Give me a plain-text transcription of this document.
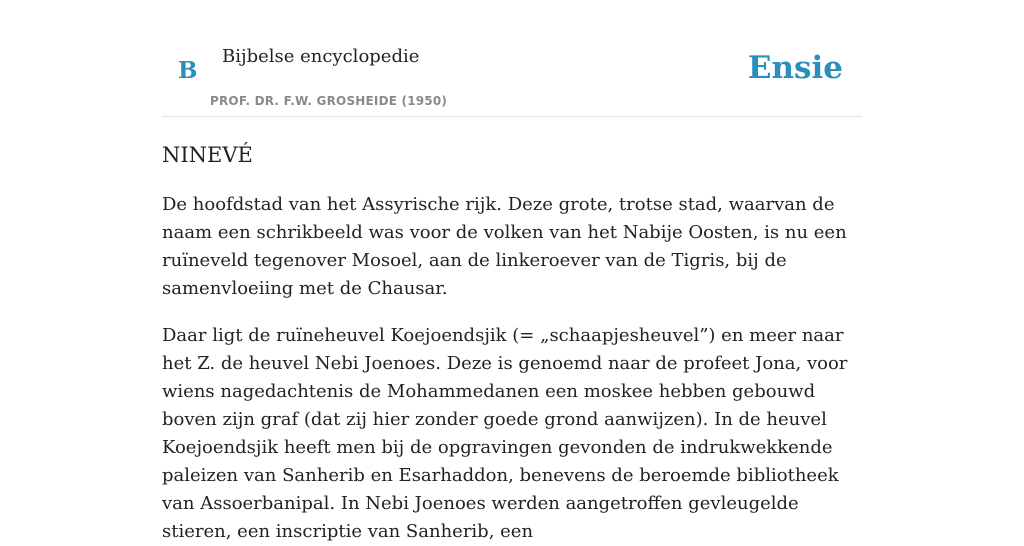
B
Bijbelse encyclopedie
PROF. DR. F.W. GROSHEIDE (1950)
Ensie
NINEVÉ

De hoofdstad van het Assyrische rijk. Deze grote, trotse stad, waarvan de naam een schrikbeeld was voor de volken van het Nabije Oosten, is nu een ruïneveld tegenover Mosoel, aan de linkeroever van de Tigris, bij de samenvloeiing met de Chausar.

Daar ligt de ruïneheuvel Koejoendsjik (= „schaapjesheuvel”) en meer naar het Z. de heuvel Nebi Joenoes. Deze is genoemd naar de profeet Jona, voor wiens nagedachtenis de Mohammedanen een moskee hebben gebouwd boven zijn graf (dat zij hier zonder goede grond aanwijzen). In de heuvel Koejoendsjik heeft men bij de opgravingen gevonden de indrukwekkende paleizen van Sanherib en Esarhaddon, benevens de beroemde bibliotheek van Assoerbanipal. In Nebi Joenoes werden aangetroffen gevleugelde stieren, een inscriptie van Sanherib, een
